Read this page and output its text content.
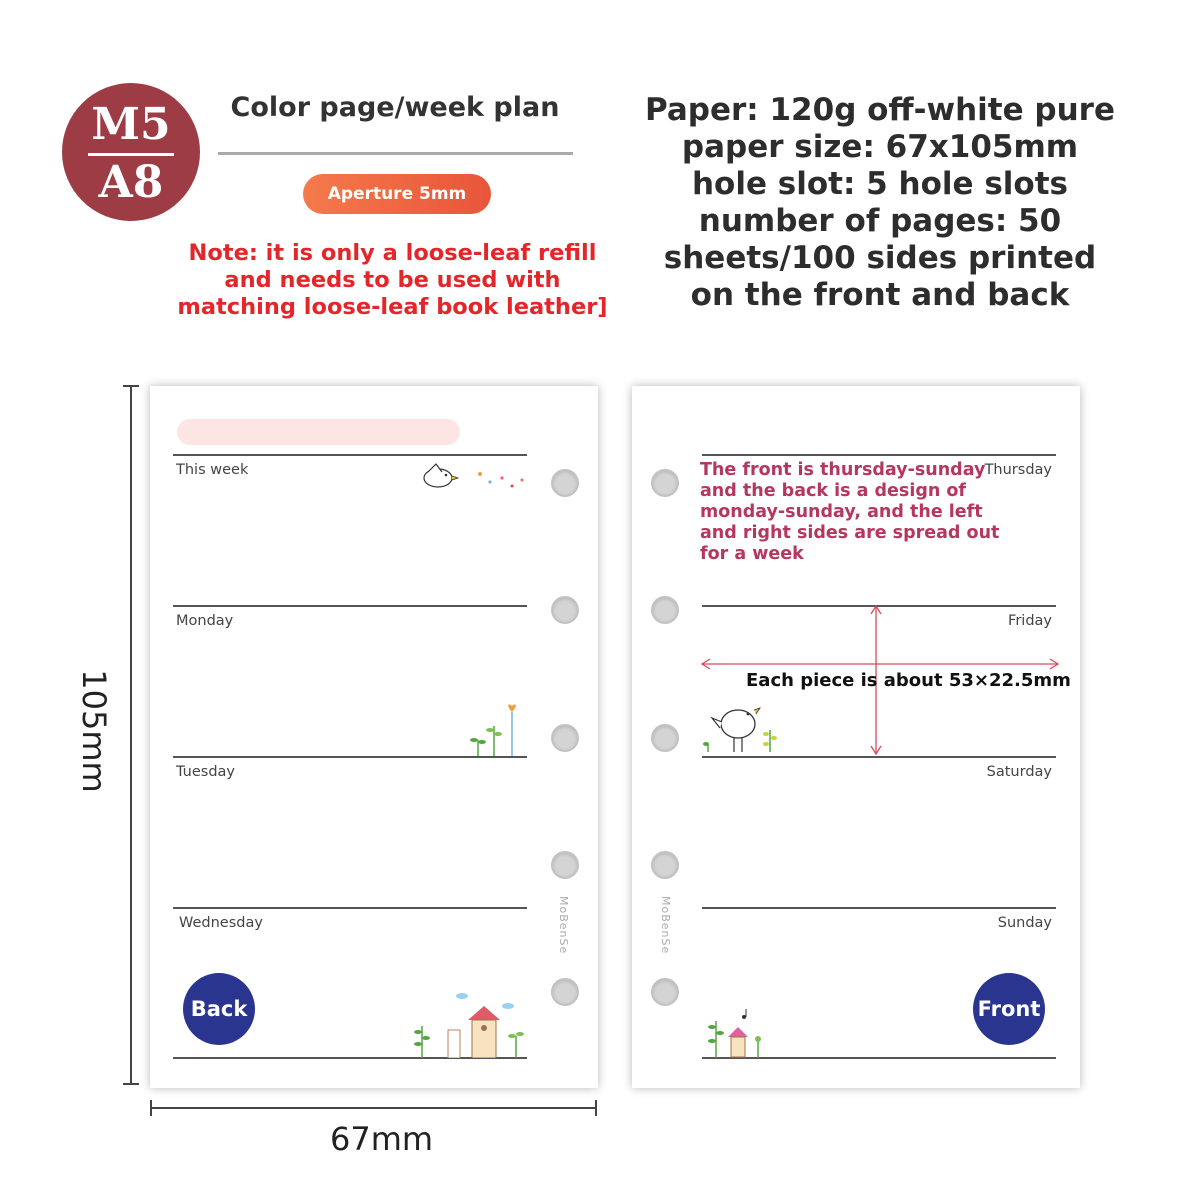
M5
A8
Color page/week plan
Aperture 5mm
Note: it is only a loose-leaf refill and needs to be used with matching loose-leaf book leather]
Paper: 120g off-white pure
paper size: 67x105mm
hole slot: 5 hole slots
number of pages: 50
sheets/100 sides printed
on the front and back
105mm
67mm
This week
Monday
Tuesday
Wednesday	MoBenSe
Back
Thursday
Friday
Saturday
Sunday
MoBenSe
The front is thursday-sunday and the back is a design of monday-sunday, and the left and right sides are spread out for a week
Each piece is about 53×22.5mm
Front
